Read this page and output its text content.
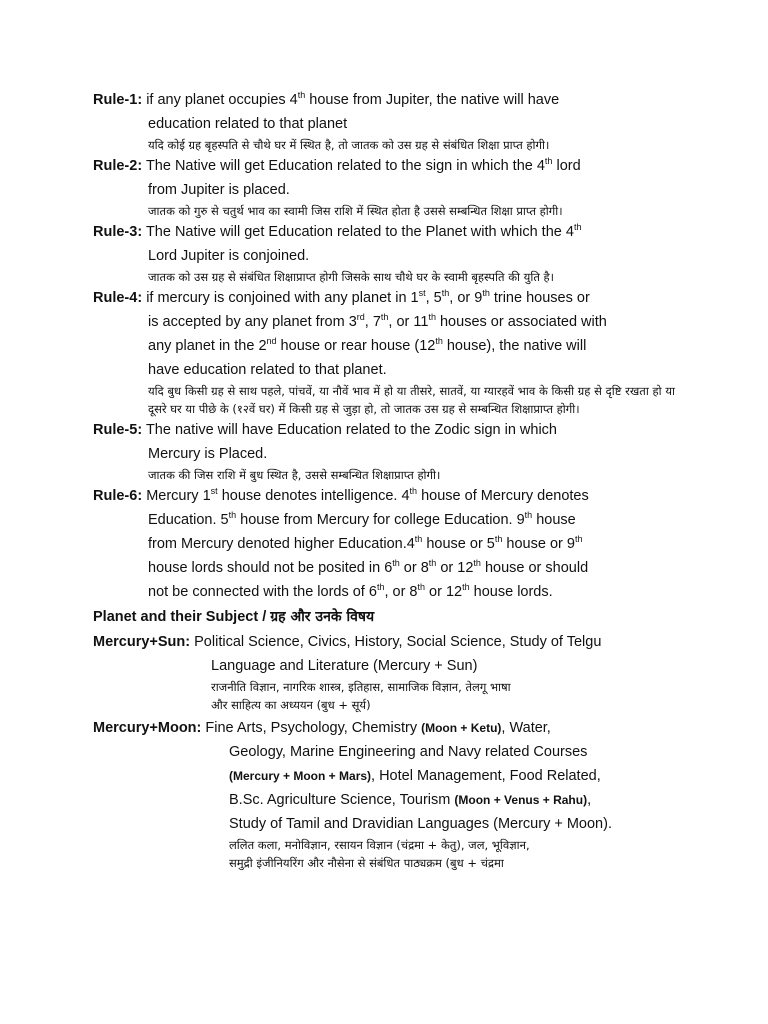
Rule-1: if any planet occupies 4th house from Jupiter, the native will have
education related to that planet
यदि कोई ग्रह बृहस्पति से चौथे घर में स्थित है, तो जातक को उस ग्रह से संबंधित शिक्षा प्राप्त होगी।
Rule-2: The Native will get Education related to the sign in which the 4th lord
from Jupiter is placed.
जातक को गुरु से चतुर्थ भाव का स्वामी जिस राशि में स्थित होता है उससे सम्बन्धित शिक्षा प्राप्त होगी।
Rule-3: The Native will get Education related to the Planet with which the 4th
Lord Jupiter is conjoined.
जातक को उस ग्रह से संबंधित शिक्षाप्राप्त होगी जिसके साथ चौथे घर के स्वामी बृहस्पति की युति है।
Rule-4: if mercury is conjoined with any planet in 1st, 5th, or 9th trine houses or
is accepted by any planet from 3rd, 7th, or 11th houses or associated with
any planet in the 2nd house or rear house (12th house), the native will
have education related to that planet.
यदि बुध किसी ग्रह से साथ पहले, पांचवें, या नौवें भाव में हो या तीसरे, सातवें, या ग्यारहवें भाव के किसी ग्रह से दृष्टि रखता हो या दूसरे घर या पीछे के (१२वें घर) में किसी ग्रह से जुड़ा हो, तो जातक उस ग्रह से सम्बन्धित शिक्षाप्राप्त होगी।
Rule-5: The native will have Education related to the Zodic sign in which
Mercury is Placed.
जातक की जिस राशि में बुध स्थित है, उससे सम्बन्धित शिक्षाप्राप्त होगी।
Rule-6: Mercury 1st house denotes intelligence. 4th house of Mercury denotes
Education. 5th house from Mercury for college Education. 9th house
from Mercury denoted higher Education.4th house or 5th house or 9th
house lords should not be posited in 6th or 8th or 12th house or should
not be connected with the lords of 6th, or 8th or 12th house lords.
Planet and their Subject / ग्रह और उनके विषय
Mercury+Sun: Political Science, Civics, History, Social Science, Study of Telgu
Language and Literature (Mercury + Sun)
राजनीति विज्ञान, नागरिक शास्त्र, इतिहास, सामाजिक विज्ञान, तेलगू भाषा
और साहित्य का अध्ययन (बुध + सूर्य)
Mercury+Moon: Fine Arts, Psychology, Chemistry (Moon + Ketu), Water,
Geology, Marine Engineering and Navy related Courses
(Mercury + Moon + Mars), Hotel Management, Food Related,
B.Sc. Agriculture Science, Tourism (Moon + Venus + Rahu),
Study of Tamil and Dravidian Languages (Mercury + Moon).
ललित कला, मनोविज्ञान, रसायन विज्ञान (चंद्रमा + केतु), जल, भूविज्ञान,
समुद्री इंजीनियरिंग और नौसेना से संबंधित पाठ्यक्रम (बुध + चंद्रमा
